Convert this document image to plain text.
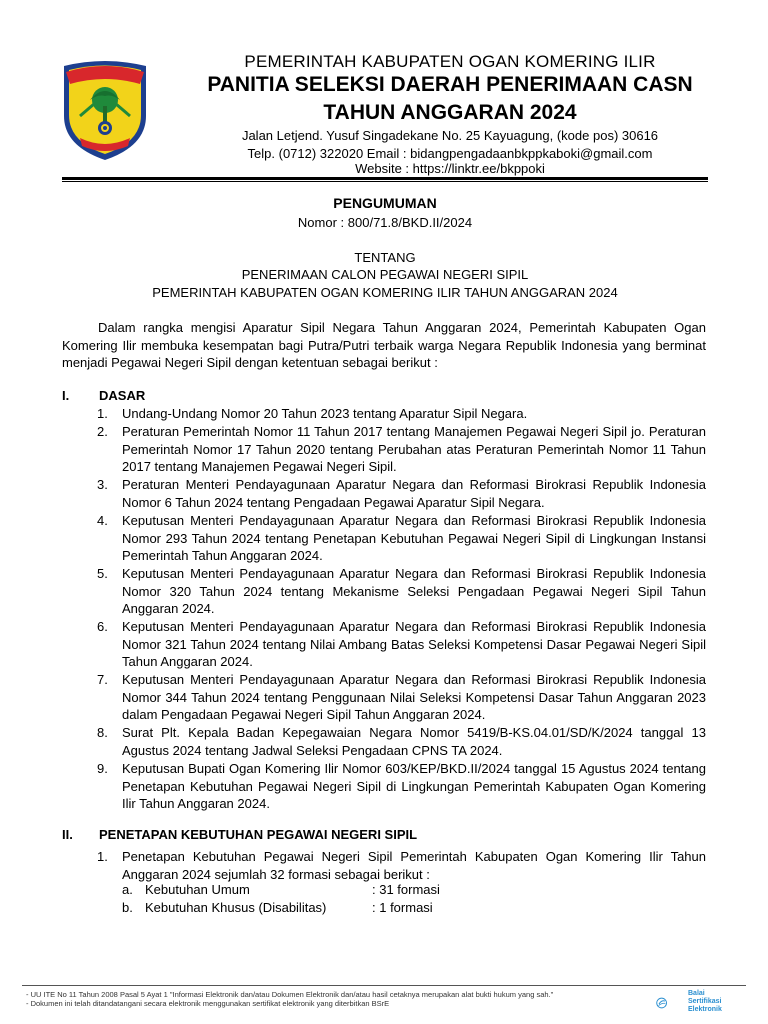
PEMERINTAH KABUPATEN OGAN KOMERING ILIR
PANITIA SELEKSI DAERAH PENERIMAAN CASN
TAHUN ANGGARAN 2024
Jalan Letjend. Yusuf Singadekane No. 25 Kayuagung, (kode pos) 30616
Telp. (0712) 322020 Email : bidangpengadaanbkppkaboki@gmail.com
Website : https://linktr.ee/bkppoki
PENGUMUMAN
Nomor : 800/71.8/BKD.II/2024
TENTANG
PENERIMAAN CALON PEGAWAI NEGERI SIPIL
PEMERINTAH KABUPATEN OGAN KOMERING ILIR TAHUN ANGGARAN 2024
Dalam rangka mengisi Aparatur Sipil Negara Tahun Anggaran 2024, Pemerintah Kabupaten Ogan Komering Ilir membuka kesempatan bagi Putra/Putri terbaik warga Negara Republik Indonesia yang berminat menjadi Pegawai Negeri Sipil dengan ketentuan sebagai berikut :
I. DASAR
1. Undang-Undang Nomor 20 Tahun 2023 tentang Aparatur Sipil Negara.
2. Peraturan Pemerintah Nomor 11 Tahun 2017 tentang Manajemen Pegawai Negeri Sipil jo. Peraturan Pemerintah Nomor 17 Tahun 2020 tentang Perubahan atas Peraturan Pemerintah Nomor 11 Tahun 2017 tentang Manajemen Pegawai Negeri Sipil.
3. Peraturan Menteri Pendayagunaan Aparatur Negara dan Reformasi Birokrasi Republik Indonesia Nomor 6 Tahun 2024 tentang Pengadaan Pegawai Aparatur Sipil Negara.
4. Keputusan Menteri Pendayagunaan Aparatur Negara dan Reformasi Birokrasi Republik Indonesia Nomor 293 Tahun 2024 tentang Penetapan Kebutuhan Pegawai Negeri Sipil di Lingkungan Instansi Pemerintah Tahun Anggaran 2024.
5. Keputusan Menteri Pendayagunaan Aparatur Negara dan Reformasi Birokrasi Republik Indonesia Nomor 320 Tahun 2024 tentang Mekanisme Seleksi Pengadaan Pegawai Negeri Sipil Tahun Anggaran 2024.
6. Keputusan Menteri Pendayagunaan Aparatur Negara dan Reformasi Birokrasi Republik Indonesia Nomor 321 Tahun 2024 tentang Nilai Ambang Batas Seleksi Kompetensi Dasar Pegawai Negeri Sipil Tahun Anggaran 2024.
7. Keputusan Menteri Pendayagunaan Aparatur Negara dan Reformasi Birokrasi Republik Indonesia Nomor 344 Tahun 2024 tentang Penggunaan Nilai Seleksi Kompetensi Dasar Tahun Anggaran 2023 dalam Pengadaan Pegawai Negeri Sipil Tahun Anggaran 2024.
8. Surat Plt. Kepala Badan Kepegawaian Negara Nomor 5419/B-KS.04.01/SD/K/2024 tanggal 13 Agustus 2024 tentang Jadwal Seleksi Pengadaan CPNS TA 2024.
9. Keputusan Bupati Ogan Komering Ilir Nomor 603/KEP/BKD.II/2024 tanggal 15 Agustus 2024 tentang Penetapan Kebutuhan Pegawai Negeri Sipil di Lingkungan Pemerintah Kabupaten Ogan Komering Ilir Tahun Anggaran 2024.
II. PENETAPAN KEBUTUHAN PEGAWAI NEGERI SIPIL
1. Penetapan Kebutuhan Pegawai Negeri Sipil Pemerintah Kabupaten Ogan Komering Ilir Tahun Anggaran 2024 sejumlah 32 formasi sebagai berikut :
a. Kebutuhan Umum	: 31 formasi
b. Kebutuhan Khusus (Disabilitas)	: 1 formasi
- UU ITE No 11 Tahun 2008 Pasal 5 Ayat 1 "Informasi Elektronik dan/atau Dokumen Elektronik dan/atau hasil cetaknya merupakan alat bukti hukum yang sah."
- Dokumen ini telah ditandatangani secara elektronik menggunakan sertifikat elektronik yang diterbitkan BSrE
Balai
Sertifikasi
Elektronik
